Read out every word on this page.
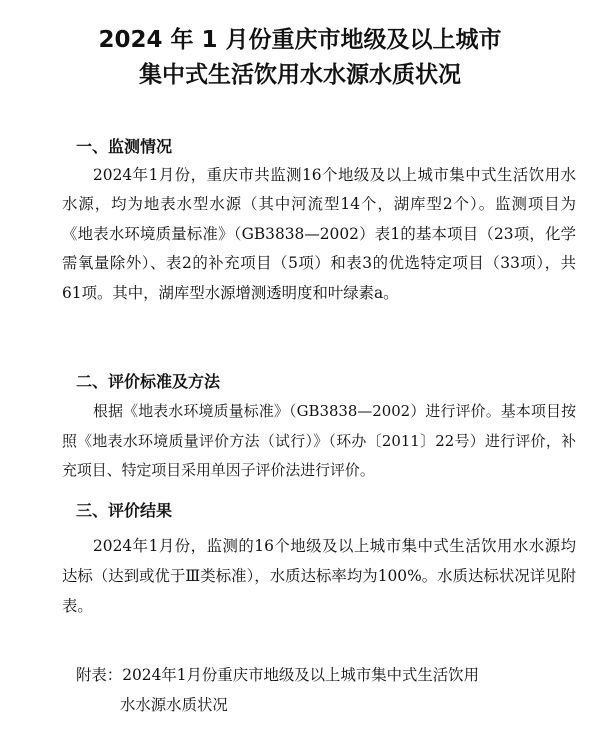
2024 年 1 月份重庆市地级及以上城市
集中式生活饮用水水源水质状况
一、监测情况

2024年1月份，重庆市共监测16个地级及以上城市集中式生活饮用水水源，均为地表水型水源（其中河流型14个，湖库型2个）。监测项目为《地表水环境质量标准》（GB3838—2002）表1的基本项目（23项，化学需氧量除外）、表2的补充项目（5项）和表3的优选特定项目（33项），共61项。其中，湖库型水源增测透明度和叶绿素a。

二、评价标准及方法

根据《地表水环境质量标准》（GB3838—2002）进行评价。基本项目按照《地表水环境质量评价方法（试行）》（环办〔2011〕22号）进行评价，补充项目、特定项目采用单因子评价法进行评价。

三、评价结果

2024年1月份，监测的16个地级及以上城市集中式生活饮用水水源均达标（达到或优于Ⅲ类标准），水质达标率均为100%。水质达标状况详见附表。

附表：2024年1月份重庆市地级及以上城市集中式生活饮用
水水源水质状况
